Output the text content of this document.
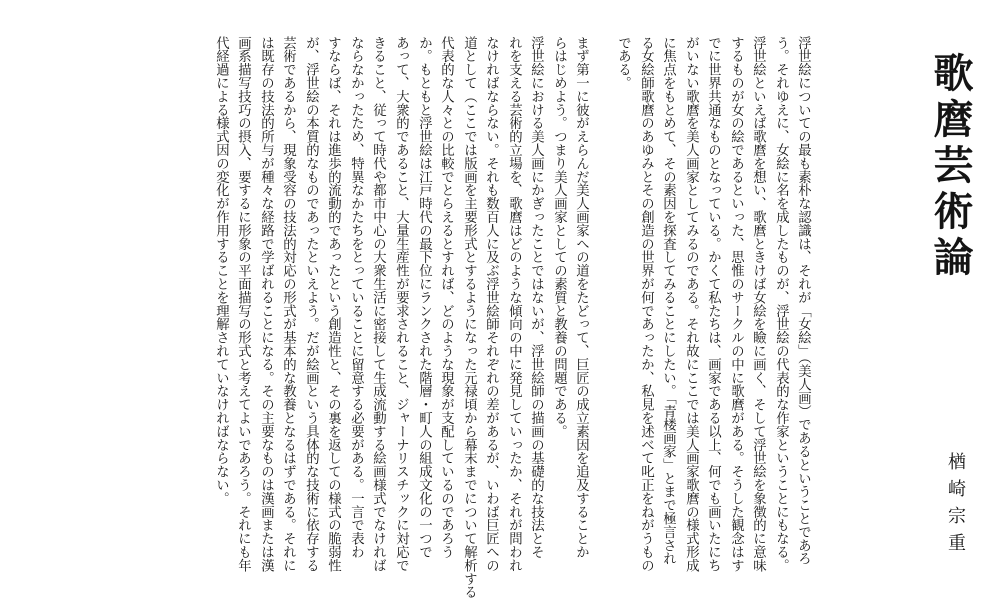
歌麿芸術論
楢崎宗重
浮世絵についての最も素朴な認識は、それが「女絵」（美人画）であるということであろ
う。それゆえに、女絵に名を成したものが、浮世絵の代表的な作家ということにもなる。
浮世絵といえば歌麿を想い、歌麿ときけば女絵を瞼に画く、そして浮世絵を象徴的に意味
するものが女の絵であるといった、思惟のサークルの中に歌麿がある。そうした観念はす
でに世界共通なものとなっている。かくて私たちは、画家である以上、何でも画いたにち
がいない歌麿を美人画家としてみるのである。それ故にここでは美人画家歌麿の様式形成
に焦点をもとめて、その素因を探査してみることにしたい。「青楼画家」とまで極言され
る女絵師歌麿のあゆみとその創造の世界が何であったか、私見を述べて叱正をねがうもの
である。
まず第一に彼がえらんだ美人画家への道をたどって、巨匠の成立素因を追及することか
らはじめよう。つまり美人画家としての素質と教養の問題である。
浮世絵における美人画にかぎったことではないが、浮世絵師の描画の基礎的な技法とそ
れを支える芸術的立場を、歌麿はどのような傾向の中に発見していったか、それが問われ
なければならない。それも数百人に及ぶ浮世絵師それぞれの差があるが、いわば巨匠への
道として（ここでは版画を主要形式とするようになった元禄頃から幕末までについて解析する
代表的な人々との比較でとらえるとすれば、どのような現象が支配しているのであろう
か。もともと浮世絵は江戸時代の最下位にランクされた階層・町人の組成文化の一つで
あって、大衆的であること、大量生産性が要求されること、ジャーナリスチックに対応で
きること、従って時代や都市中心の大衆生活に密接して生成流動する絵画様式でなければ
ならなかったため、特異なかたちをとっていることに留意する必要がある。一言で表わ
すならば、それは進歩的流動的であったという創造性と、その裏を返しての様式の脆弱性
が、浮世絵の本質的なものであったといえよう。だが絵画という具体的な技術に依存する
芸術であるから、現象受容の技法的対応の形式が基本的な教養となるはずである。それに
は既存の技法的所与が種々な経路で学ばれることになる。その主要なものは漢画または漢
画系描写技巧の摂入、要するに形象の平面描写の形式と考えてよいであろう。それにも年
代経過による様式因の変化が作用することを理解されていなければならない。
